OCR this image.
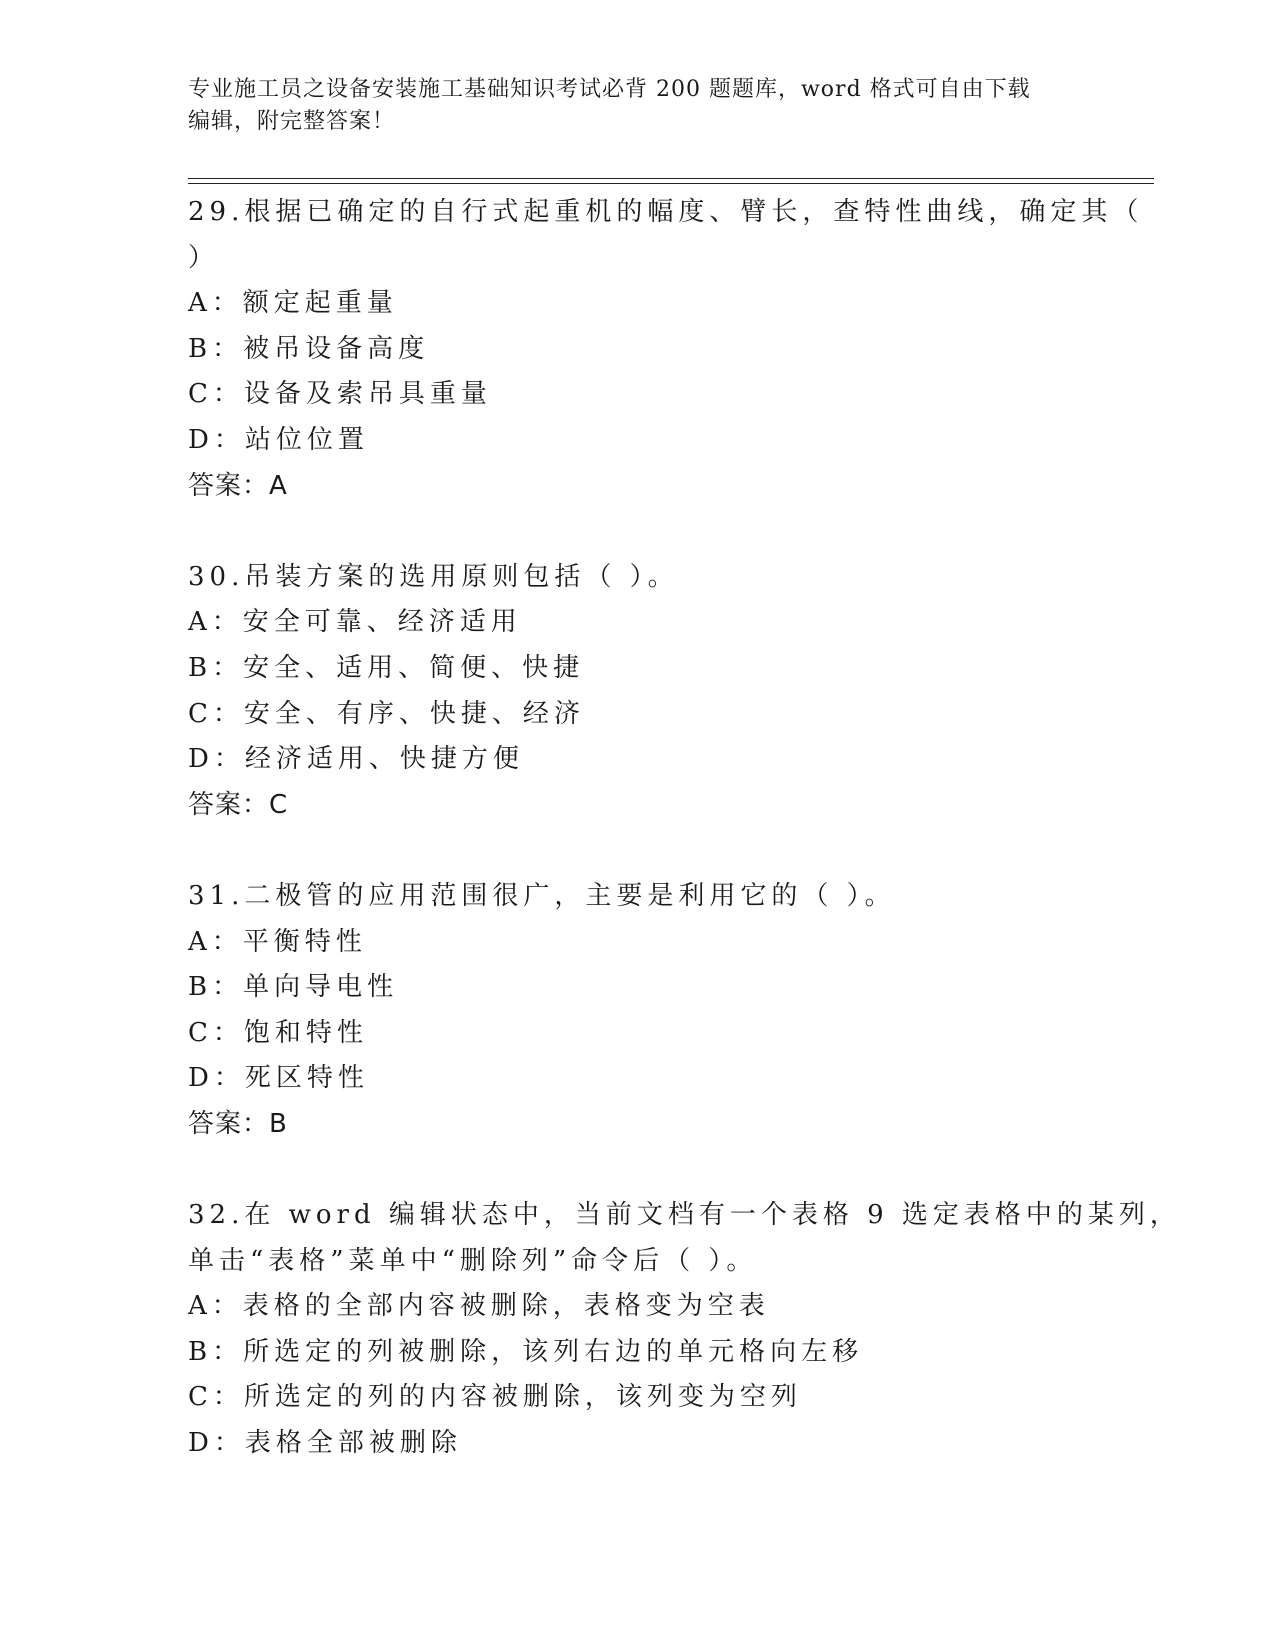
专业施工员之设备安装施工基础知识考试必背 200 题题库，word 格式可自由下载
编辑，附完整答案！
29.根据已确定的自行式起重机的幅度、臂长，查特性曲线，确定其（
）
A：额定起重量
B：被吊设备高度
C：设备及索吊具重量
D：站位位置
答案：A
30.吊装方案的选用原则包括（ ）。
A：安全可靠、经济适用
B：安全、适用、简便、快捷
C：安全、有序、快捷、经济
D：经济适用、快捷方便
答案：C
31.二极管的应用范围很广，主要是利用它的（ ）。
A：平衡特性
B：单向导电性
C：饱和特性
D：死区特性
答案：B
32.在 word 编辑状态中，当前文档有一个表格 9 选定表格中的某列，
单击“表格”菜单中“删除列”命令后（ ）。
A：表格的全部内容被删除，表格变为空表
B：所选定的列被删除，该列右边的单元格向左移
C：所选定的列的内容被删除，该列变为空列
D：表格全部被删除
